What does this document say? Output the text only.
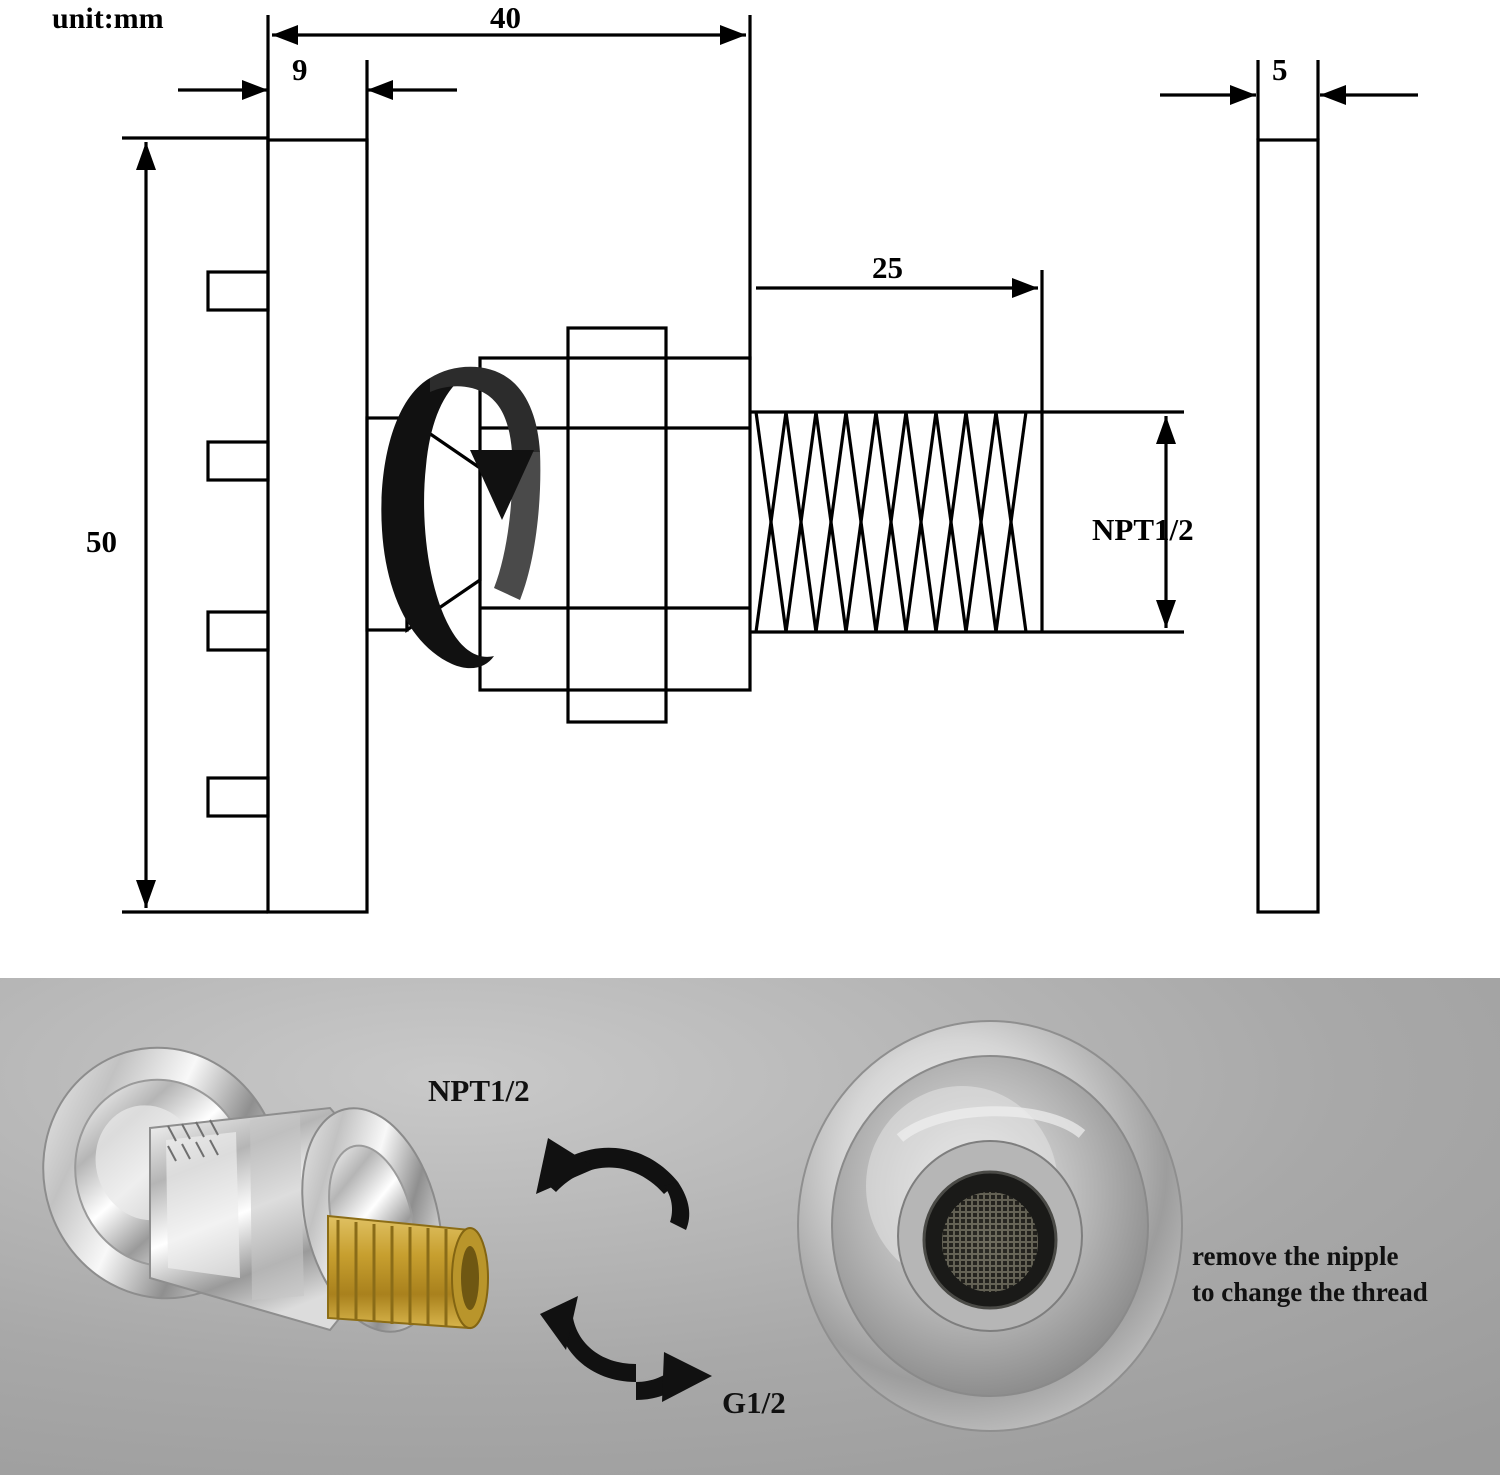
unit:mm	40
9	5
25
50	NPT1/2
NPT1/2
G1/2
remove the nipple
to change the thread
